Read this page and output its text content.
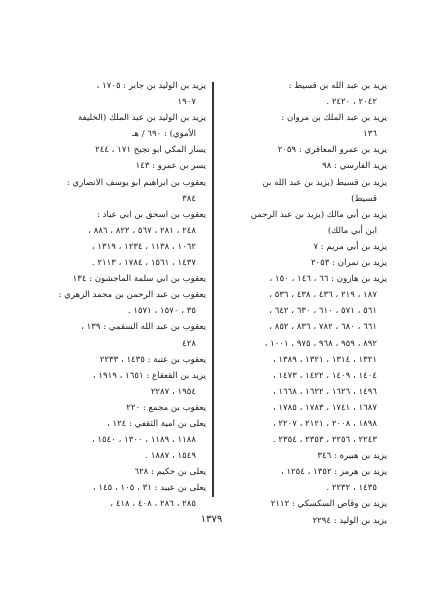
يزيد بن عبد الله بن قسيط :
٢٠٤٢ ، ٢٤٢٠ .
يزيد بن عبد الملك بن مروان :
١٣٦
يزيد بن عمرو المعافري : ٢٠٥٩
يزيد الفارسي : ٩٨
يزيد بن قسيط (يزيد بن عبد الله بن
قسيط)
يزيد بن أبي مالك (يزيد بن عبد الرحمن
ابن أبي مالك)
يزيد بن أبي مريم : ٧
يزيد بن نمران : ٢٠٥٣
يزيد بن هارون : ٦٦ ، ١٤٦ ، ١٥٠ ،
١٨٧ ، ٢١٩ ، ٤٣٦ ، ٤٣٨ ، ٥٣٦ ،
٥٦١ ، ٥٧١ ، ٦١٠ ، ٦٣٠ ، ٦٤٢ ،
٦٦١ ، ٦٨٠ ، ٧٨٢ ، ٨٣٦ ، ٨٥٢ ،
٨٩٢ ، ٩٥٩ ، ٩٦٨ ، ٩٧٥ ، ١٠٠١ ،
١٣٢١ ، ١٣١٤ ، ١٣٢١ ، ١٣٨٩ ،
١٤٠٤ ، ١٤٠٩ ، ١٤٢٢ ، ١٤٧٣ ،
١٤٩٦ ، ١٦٢٦ ، ١٦٢٢ ، ١٦٦٨ ،
١٦٨٧ ، ١٧٤١ ، ١٧٨٣ ، ١٧٨٥ ،
١٨٩٨ ، ٢٠٠٨ ، ٢١٢١ ، ٢٢٠٧ ،
٢٢٤٣ ، ٢٢٥٦ ، ٢٣٥٣ ، ٢٣٥٤ .
يزيد بن هبيرة : ٣٤٦
يزيد بن هرمز : ١٣٥٢ ، ١٢٥٤ ،
١٤٣٥ ، ٢٢٣٢ .
يزيد بن وقاص السكسكي : ٢١١٢
يزيد بن الوليد : ٢٢٩٤
يزيد بن الوليد بن جابر : ١٧٠٥ ،
١٩٠٧
يزيد بن الوليد بن عبد الملك (الخليفة
الأموي) : ٦٩٠ / هـ
يسار المكي ابو نجيح ١٧١ ، ٢٤٤
يسر بن عمرو : ١٤٣
يعقوب بن ابراهيم ابو يوسف الانصاري :
٣٨٤
يعقوب بن اسحق بن ابي عباد :
٢٤٨ ، ٢٨١ ، ٥٦٧ ، ٨٢٢ ، ٨٨٦ ،
١٠٦٢ ، ١١٣٨ ، ١٢٣٤ ، ١٣١٩ ،
١٤٣٧ ، ١٥٦١ ، ١٧٨٤ ، ٢١١٣ .
يعقوب بن ابي سلمة الماجشون : ١٣٤
يعقوب بن عبد الرحمن بن محمد الزهري :
٣٥ ، ١٥٧٠ ، ١٥٧١ .
يعقوب بن عبد الله السقمي : ١٣٩ ،
٤٢٨
يعقوب بن عتبة : ١٤٣٥ ، ٢٢٣٣
يزيد بن القعقاع : ١٦٥١ ، ١٩١٩ ،
١٩٥٤ ، ٢٢٨٧
يعقوب بن مجمع : ٢٢٠
يعلى بن امية الثقفي : ١٢٤ ،
١١٨٨ ، ١١٨٩ ، ١٣٠٠ ، ١٥٤٠ ،
١٥٤٩ ، ١٨٨٧ .
يعلى بن حكيم : ٦٢٨
يعلى بن عبيد : ٣١ ، ١٠٥ ، ١٤٥ ،
٢٨٥ ، ٢٨٦ ، ٤٠٨ ، ٤١٨ ،
١٣٧٩
